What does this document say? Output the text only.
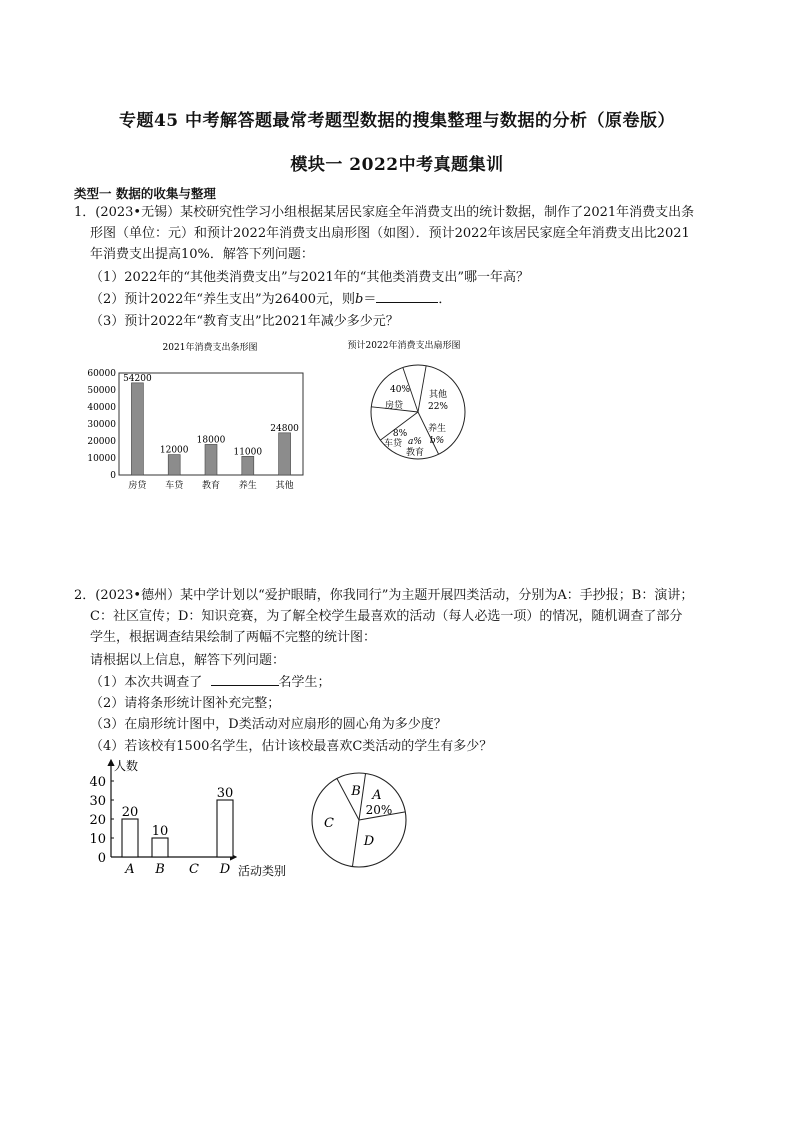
专题45 中考解答题最常考题型数据的搜集整理与数据的分析（原卷版）
模块一 2022中考真题集训
类型一 数据的收集与整理
1．(2023•无锡）某校研究性学习小组根据某居民家庭全年消费支出的统计数据，制作了2021年消费支出条
形图（单位：元）和预计2022年消费支出扇形图（如图）．预计2022年该居民家庭全年消费支出比2021
年消费支出提高10%．解答下列问题：
（1）2022年的“其他类消费支出”与2021年的“其他类消费支出”哪一年高？
（2）预计2022年“养生支出”为26400元，则b＝	．
（3）预计2022年“教育支出”比2021年减少多少元？
2021年消费支出条形图
0
10000
20000
30000
40000
50000
60000 54200
房贷
12000
车贷
18000
教育
11000
养生
24800
其他
预计2022年消费支出扇形图
40%
房贷
其他
22%
养生
b%
8%
车贷 a%
教育
2．(2023•德州）某中学计划以“爱护眼睛，你我同行”为主题开展四类活动，分别为A：手抄报；B：演讲；
C：社区宣传；D：知识竞赛，为了解全校学生最喜欢的活动（每人必选一项）的情况，随机调查了部分
学生，根据调查结果绘制了两幅不完整的统计图：
请根据以上信息，解答下列问题：
（1）本次共调查了	名学生；
（2）请将条形统计图补充完整；
（3）在扇形统计图中，D类活动对应扇形的圆心角为多少度？
（4）若该校有1500名学生，估计该校最喜欢C类活动的学生有多少？
人数
活动类别
0
10
20
30
40
20
A
10
B C
30
D
B A
20%
C
D
